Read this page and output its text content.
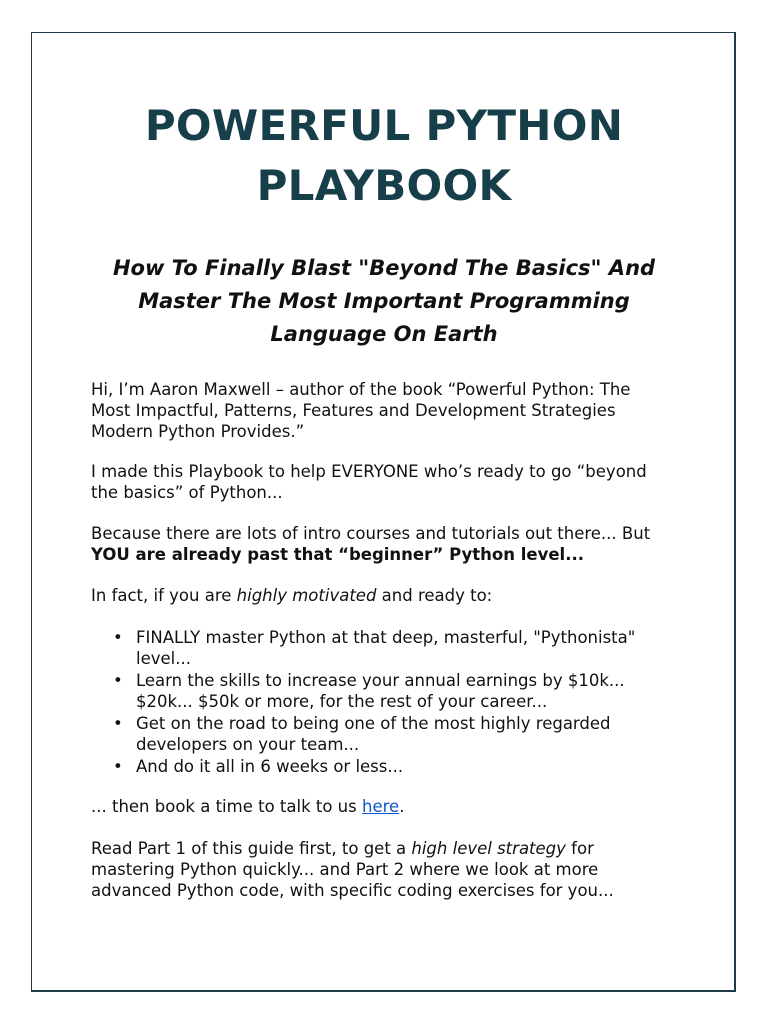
POWERFUL PYTHON
PLAYBOOK
How To Finally Blast "Beyond The Basics" And
Master The Most Important Programming
Language On Earth
Hi, I’m Aaron Maxwell – author of the book “Powerful Python: The
Most Impactful, Patterns, Features and Development Strategies
Modern Python Provides.”
I made this Playbook to help EVERYONE who’s ready to go “beyond
the basics” of Python...
Because there are lots of intro courses and tutorials out there... But
YOU are already past that “beginner” Python level...
In fact, if you are highly motivated and ready to:
• FINALLY master Python at that deep, masterful, "Pythonista"
level...
• Learn the skills to increase your annual earnings by $10k...
$20k... $50k or more, for the rest of your career...
• Get on the road to being one of the most highly regarded
developers on your team...
• And do it all in 6 weeks or less...
... then book a time to talk to us here.
Read Part 1 of this guide first, to get a high level strategy for
mastering Python quickly... and Part 2 where we look at more
advanced Python code, with specific coding exercises for you...
